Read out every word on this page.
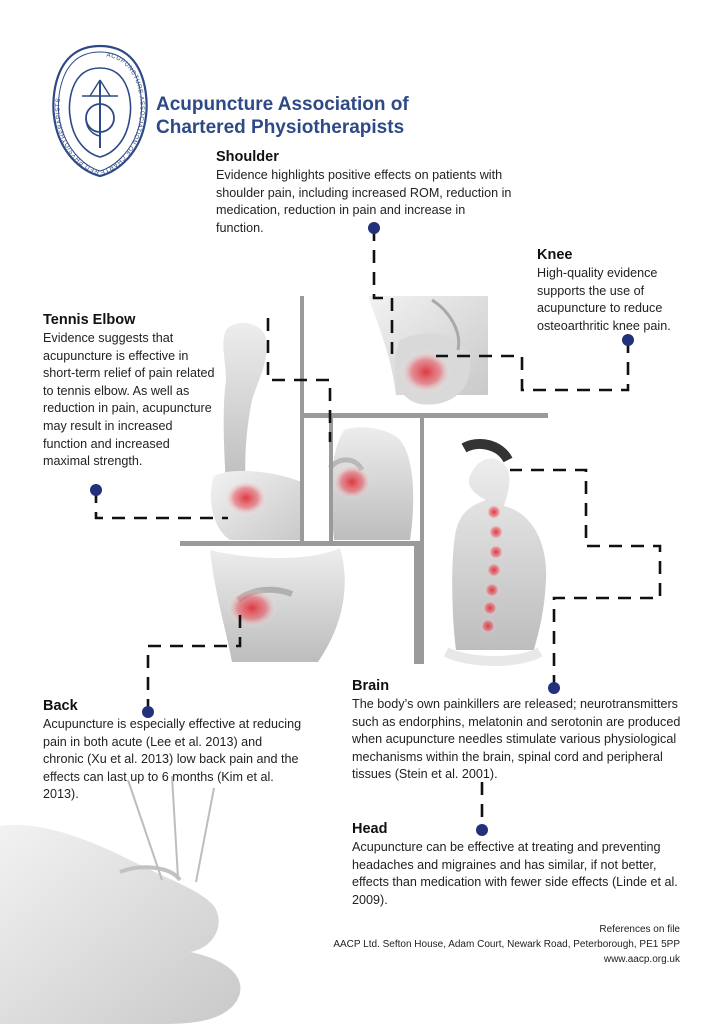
ACUPUNCTURE ASSOCIATION OF CHARTERED PHYSIOTHERAPISTS	Acupuncture Association of
Chartered Physiotherapists
Shoulder

Evidence highlights positive effects on patients with shoulder pain, including increased ROM, reduction in medication, reduction in pain and increase in function.

Knee

High-quality evidence supports the use of acupuncture to reduce osteoarthritic knee pain.

Tennis Elbow

Evidence suggests that acupuncture is effective in short-term relief of pain related to tennis elbow. As well as reduction in pain, acupuncture may result in increased function and increased maximal strength.

Back

Acupuncture is especially effective at reducing pain in both acute (Lee et al. 2013) and chronic (Xu et al. 2013) low back pain and the effects can last up to 6 months (Kim et al. 2013).

Brain

The body’s own painkillers are released; neurotransmitters such as endorphins, melatonin and serotonin are produced when acupuncture needles stimulate various physiological mechanisms within the brain, spinal cord and peripheral tissues (Stein et al. 2001).

Head

Acupuncture can be effective at treating and preventing headaches and migraines and has similar, if not better, effects than medication with fewer side effects (Linde et al. 2009).

References on file
AACP Ltd. Sefton House, Adam Court, Newark Road, Peterborough, PE1 5PP
www.aacp.org.uk
